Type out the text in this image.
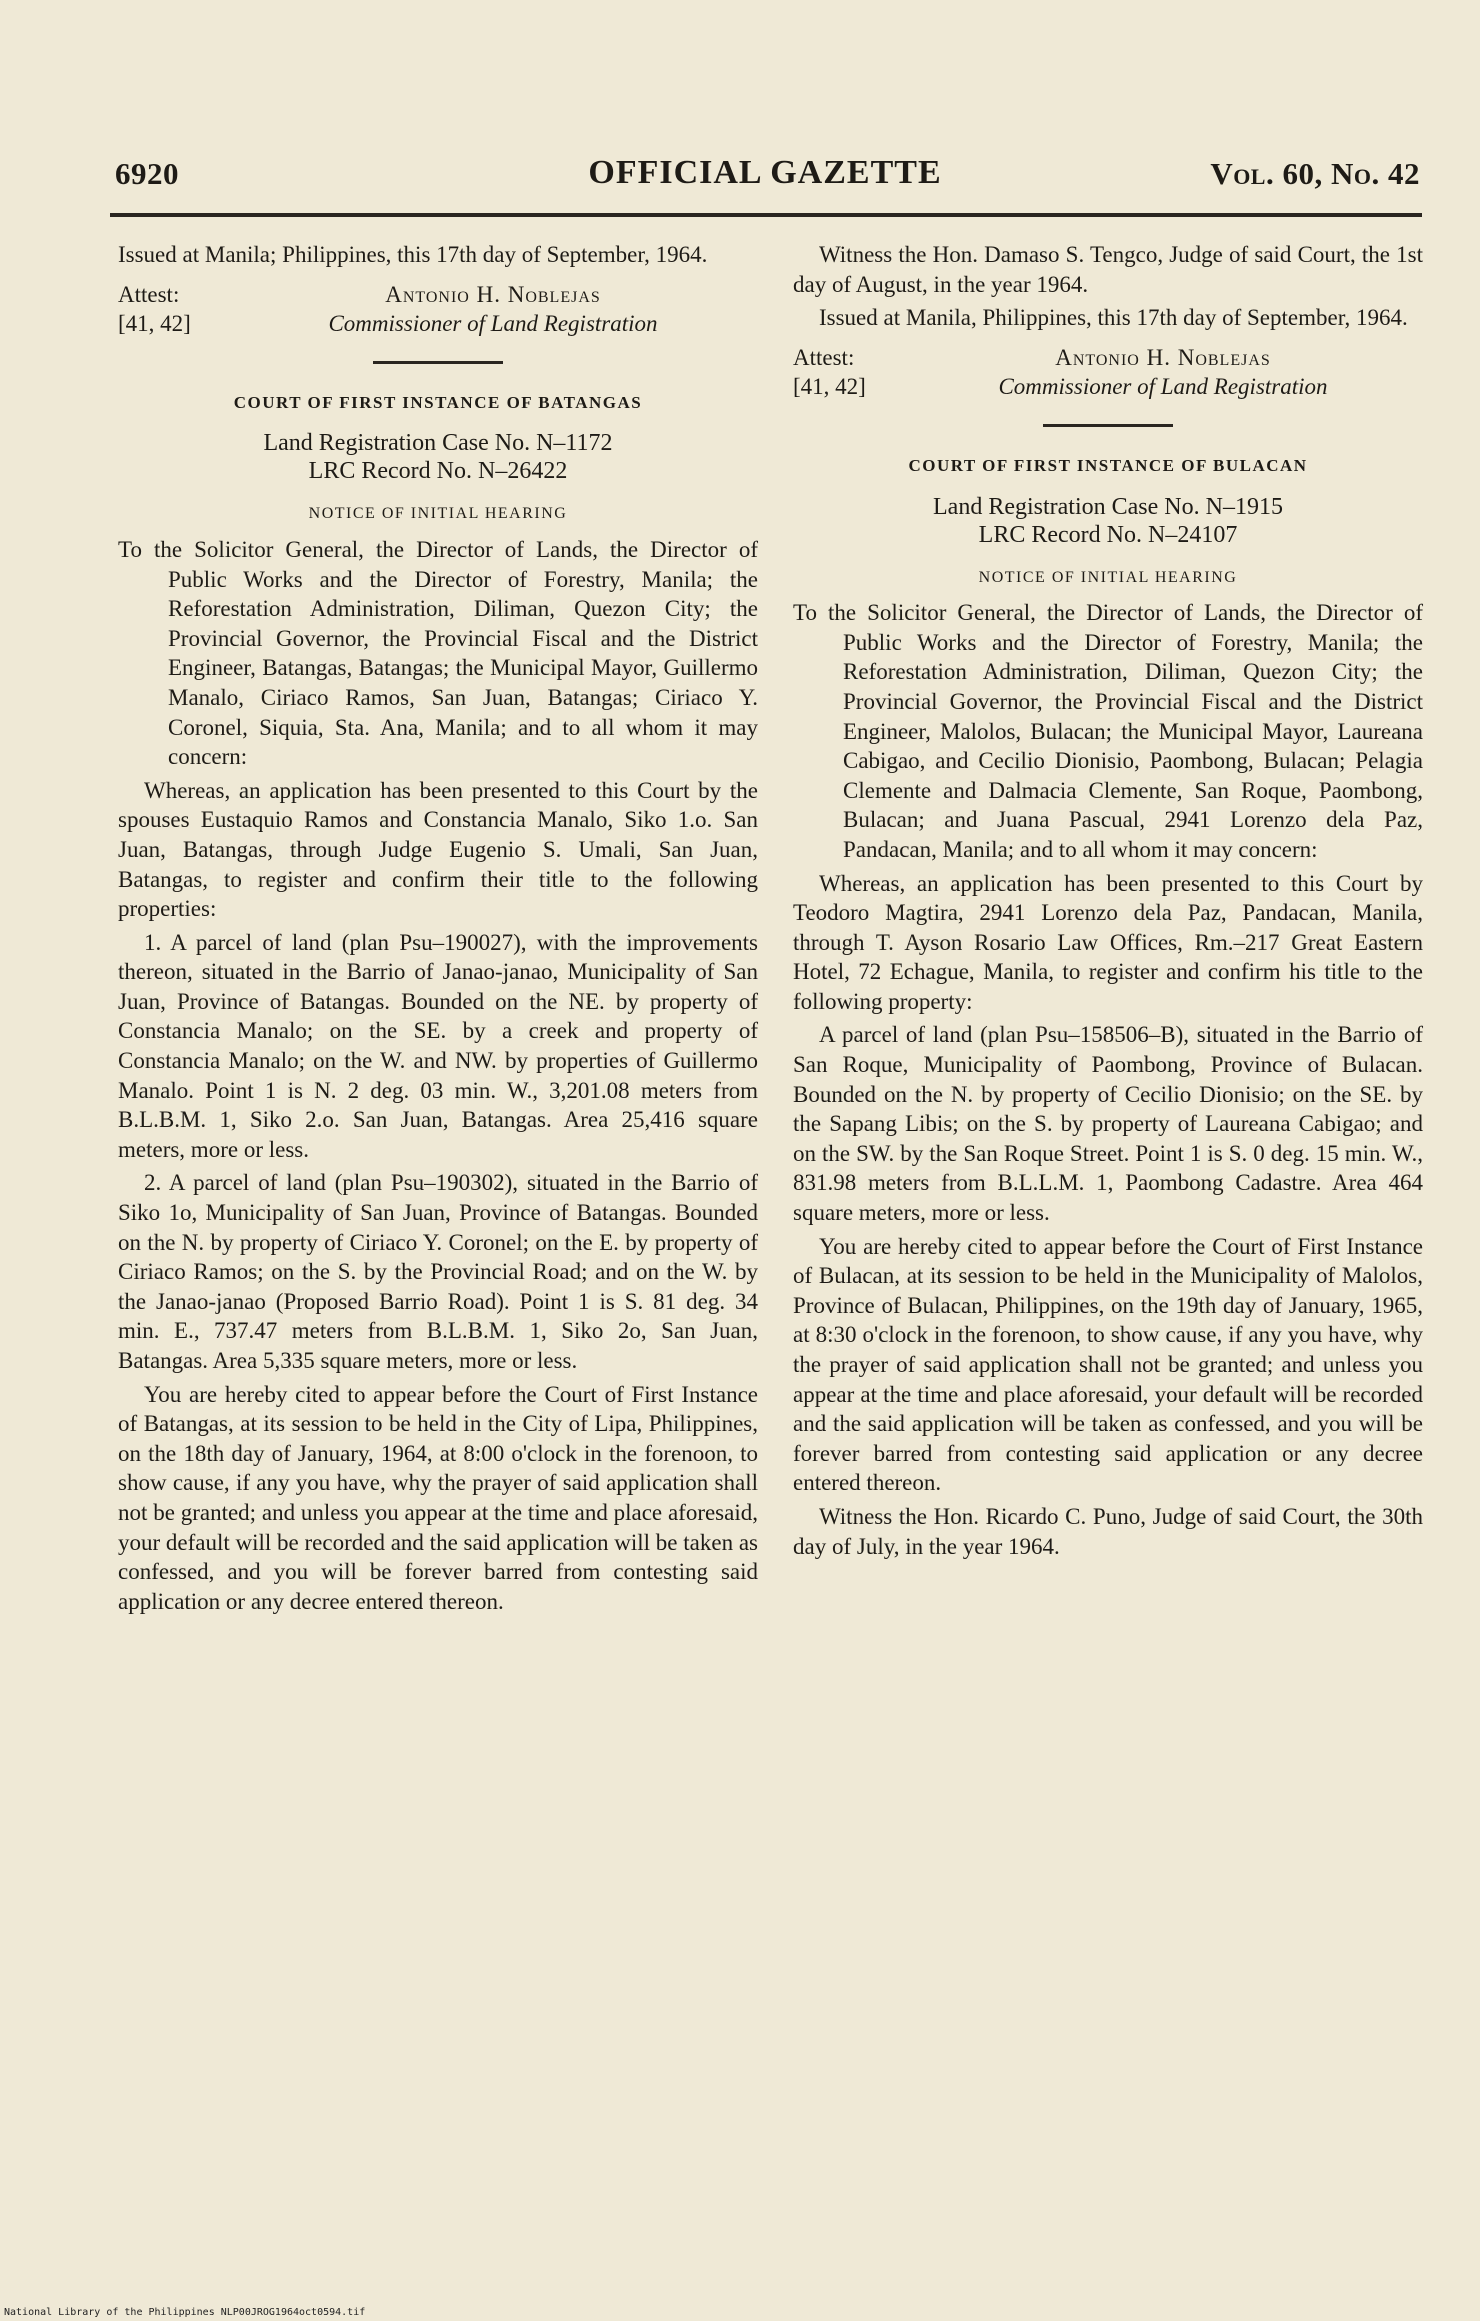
6920	OFFICIAL GAZETTE	Vol. 60, No. 42

Issued at Manila; Philippines, this 17th day of September, 1964.

Attest:
[41, 42]
Antonio H. Noblejas
Commissioner of Land Registration
COURT OF FIRST INSTANCE OF BATANGAS
Land Registration Case No. N–1172
LRC Record No. N–26422
NOTICE OF INITIAL HEARING

To the Solicitor General, the Director of Lands, the Director of Public Works and the Director of Forestry, Manila; the Reforestation Administration, Diliman, Quezon City; the Provincial Governor, the Provincial Fiscal and the District Engineer, Batangas, Batangas; the Municipal Mayor, Guillermo Manalo, Ciriaco Ramos, San Juan, Batangas; Ciriaco Y. Coronel, Siquia, Sta. Ana, Manila; and to all whom it may concern:

Whereas, an application has been presented to this Court by the spouses Eustaquio Ramos and Constancia Manalo, Siko 1.o. San Juan, Batangas, through Judge Eugenio S. Umali, San Juan, Batangas, to register and confirm their title to the following properties:

1. A parcel of land (plan Psu–190027), with the improvements thereon, situated in the Barrio of Janao-janao, Municipality of San Juan, Province of Batangas. Bounded on the NE. by property of Constancia Manalo; on the SE. by a creek and property of Constancia Manalo; on the W. and NW. by properties of Guillermo Manalo. Point 1 is N. 2 deg. 03 min. W., 3,201.08 meters from B.L.B.M. 1, Siko 2.o. San Juan, Batangas. Area 25,416 square meters, more or less.

2. A parcel of land (plan Psu–190302), situated in the Barrio of Siko 1o, Municipality of San Juan, Province of Batangas. Bounded on the N. by property of Ciriaco Y. Coronel; on the E. by property of Ciriaco Ramos; on the S. by the Provincial Road; and on the W. by the Janao-janao (Proposed Barrio Road). Point 1 is S. 81 deg. 34 min. E., 737.47 meters from B.L.B.M. 1, Siko 2o, San Juan, Batangas. Area 5,335 square meters, more or less.

You are hereby cited to appear before the Court of First Instance of Batangas, at its session to be held in the City of Lipa, Philippines, on the 18th day of January, 1964, at 8:00 o'clock in the forenoon, to show cause, if any you have, why the prayer of said application shall not be granted; and unless you appear at the time and place aforesaid, your default will be recorded and the said application will be taken as confessed, and you will be forever barred from contesting said application or any decree entered thereon.

Witness the Hon. Damaso S. Tengco, Judge of said Court, the 1st day of August, in the year 1964.

Issued at Manila, Philippines, this 17th day of September, 1964.

Attest:
[41, 42]
Antonio H. Noblejas
Commissioner of Land Registration
COURT OF FIRST INSTANCE OF BULACAN
Land Registration Case No. N–1915
LRC Record No. N–24107
NOTICE OF INITIAL HEARING

To the Solicitor General, the Director of Lands, the Director of Public Works and the Director of Forestry, Manila; the Reforestation Administration, Diliman, Quezon City; the Provincial Governor, the Provincial Fiscal and the District Engineer, Malolos, Bulacan; the Municipal Mayor, Laureana Cabigao, and Cecilio Dionisio, Paombong, Bulacan; Pelagia Clemente and Dalmacia Clemente, San Roque, Paombong, Bulacan; and Juana Pascual, 2941 Lorenzo dela Paz, Pandacan, Manila; and to all whom it may concern:

Whereas, an application has been presented to this Court by Teodoro Magtira, 2941 Lorenzo dela Paz, Pandacan, Manila, through T. Ayson Rosario Law Offices, Rm.–217 Great Eastern Hotel, 72 Echague, Manila, to register and confirm his title to the following property:

A parcel of land (plan Psu–158506–B), situated in the Barrio of San Roque, Municipality of Paombong, Province of Bulacan. Bounded on the N. by property of Cecilio Dionisio; on the SE. by the Sapang Libis; on the S. by property of Laureana Cabigao; and on the SW. by the San Roque Street. Point 1 is S. 0 deg. 15 min. W., 831.98 meters from B.L.L.M. 1, Paombong Cadastre. Area 464 square meters, more or less.

You are hereby cited to appear before the Court of First Instance of Bulacan, at its session to be held in the Municipality of Malolos, Province of Bulacan, Philippines, on the 19th day of January, 1965, at 8:30 o'clock in the forenoon, to show cause, if any you have, why the prayer of said application shall not be granted; and unless you appear at the time and place aforesaid, your default will be recorded and the said application will be taken as confessed, and you will be forever barred from contesting said application or any decree entered thereon.

Witness the Hon. Ricardo C. Puno, Judge of said Court, the 30th day of July, in the year 1964.

National Library of the Philippines NLP00JROG1964oct0594.tif
